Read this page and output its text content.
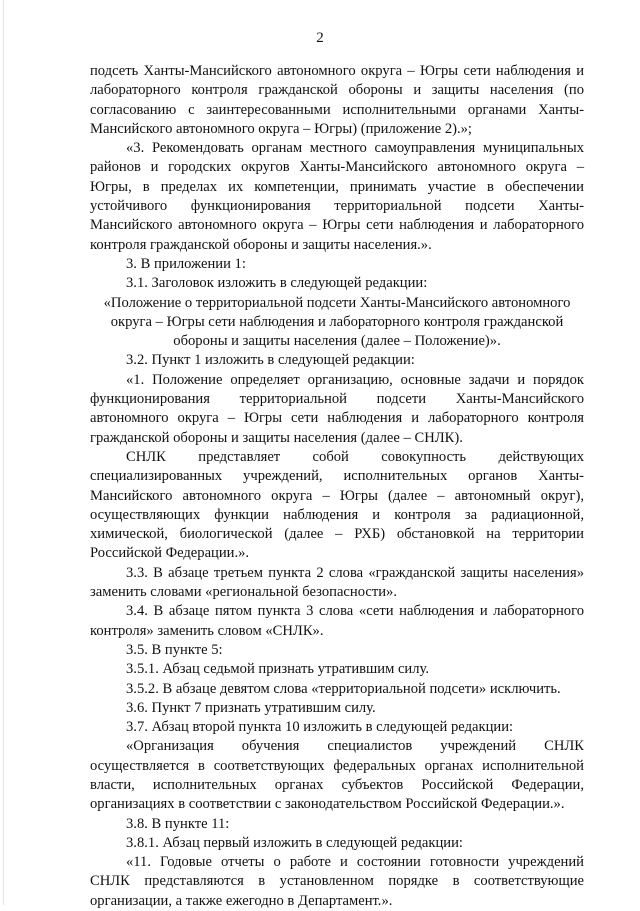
2

подсеть Ханты-Мансийского автономного округа – Югры сети наблюдения и лабораторного контроля гражданской обороны и защиты населения (по согласованию с заинтересованными исполнительными органами Ханты-Мансийского автономного округа – Югры) (приложение 2).»;

«3. Рекомендовать органам местного самоуправления муниципальных районов и городских округов Ханты-Мансийского автономного округа – Югры, в пределах их компетенции, принимать участие в обеспечении устойчивого функционирования территориальной подсети Ханты-Мансийского автономного округа – Югры сети наблюдения и лабораторного контроля гражданской обороны и защиты населения.».

3. В приложении 1:

3.1. Заголовок изложить в следующей редакции:

«Положение о территориальной подсети Ханты-Мансийского автономного округа – Югры сети наблюдения и лабораторного контроля гражданской обороны и защиты населения (далее – Положение)».

3.2. Пункт 1 изложить в следующей редакции:

«1. Положение определяет организацию, основные задачи и порядок функционирования территориальной подсети Ханты-Мансийского автономного округа – Югры сети наблюдения и лабораторного контроля гражданской обороны и защиты населения (далее – СНЛК).

СНЛК представляет собой совокупность действующих специализированных учреждений, исполнительных органов Ханты-Мансийского автономного округа – Югры (далее – автономный округ), осуществляющих функции наблюдения и контроля за радиационной, химической, биологической (далее – РХБ) обстановкой на территории Российской Федерации.».

3.3. В абзаце третьем пункта 2 слова «гражданской защиты населения» заменить словами «региональной безопасности».

3.4. В абзаце пятом пункта 3 слова «сети наблюдения и лабораторного контроля» заменить словом «СНЛК».

3.5. В пункте 5:

3.5.1. Абзац седьмой признать утратившим силу.

3.5.2. В абзаце девятом слова «территориальной подсети» исключить.

3.6. Пункт 7 признать утратившим силу.

3.7. Абзац второй пункта 10 изложить в следующей редакции:

«Организация обучения специалистов учреждений СНЛК осуществляется в соответствующих федеральных органах исполнительной власти, исполнительных органах субъектов Российской Федерации, организациях в соответствии с законодательством Российской Федерации.».

3.8. В пункте 11:

3.8.1. Абзац первый изложить в следующей редакции:

«11. Годовые отчеты о работе и состоянии готовности учреждений СНЛК представляются в установленном порядке в соответствующие организации, а также ежегодно в Департамент.».
